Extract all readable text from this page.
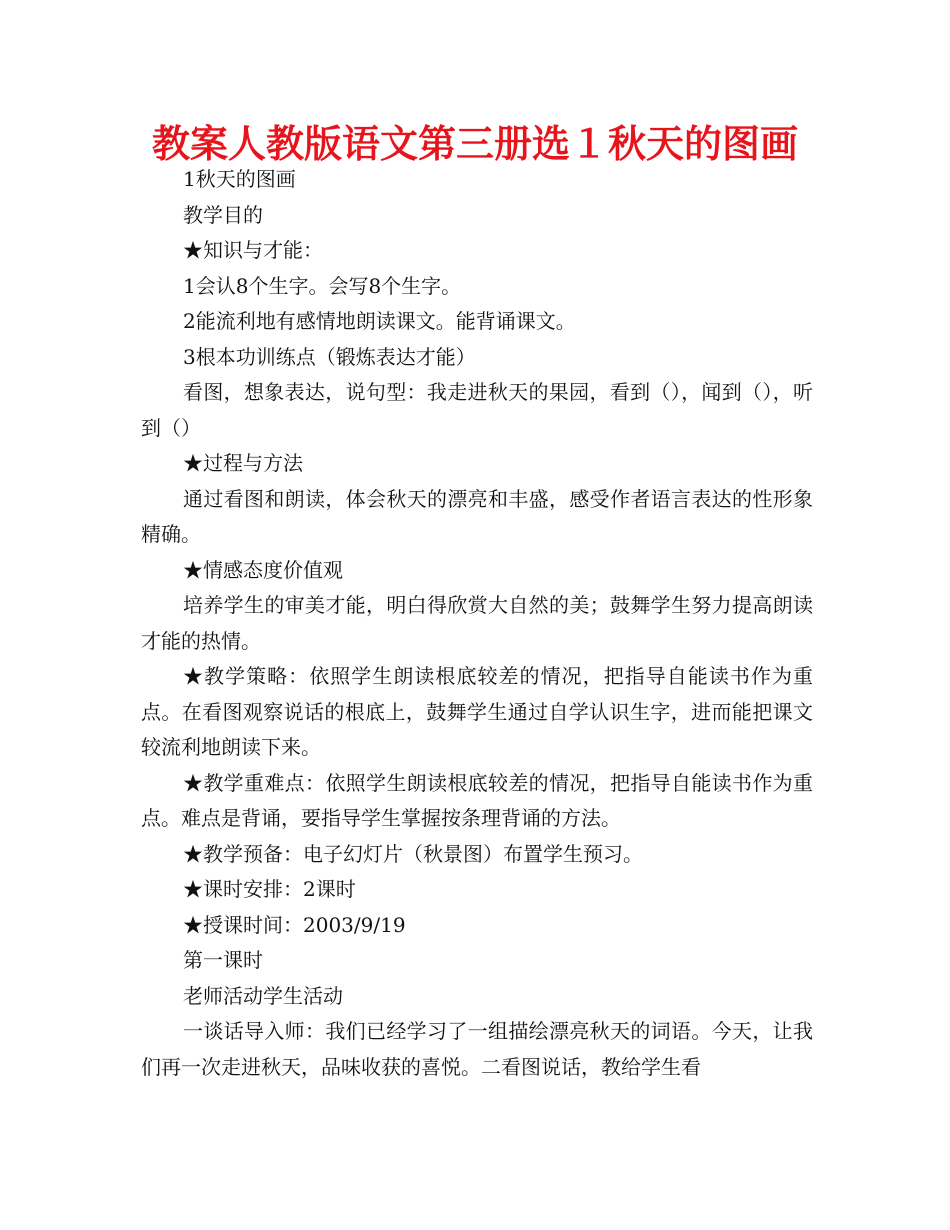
教案人教版语文第三册选１秋天的图画

1秋天的图画

教学目的

★知识与才能：

1会认8个生字。会写8个生字。

2能流利地有感情地朗读课文。能背诵课文。

3根本功训练点（锻炼表达才能）

看图，想象表达，说句型：我走进秋天的果园，看到（），闻到（），听到（）

★过程与方法

通过看图和朗读，体会秋天的漂亮和丰盛，感受作者语言表达的性形象精确。

★情感态度价值观

培养学生的审美才能，明白得欣赏大自然的美；鼓舞学生努力提高朗读才能的热情。

★教学策略：依照学生朗读根底较差的情况，把指导自能读书作为重点。在看图观察说话的根底上，鼓舞学生通过自学认识生字，进而能把课文较流利地朗读下来。

★教学重难点：依照学生朗读根底较差的情况，把指导自能读书作为重点。难点是背诵，要指导学生掌握按条理背诵的方法。

★教学预备：电子幻灯片（秋景图）布置学生预习。

★课时安排：2课时

★授课时间：2003/9/19

第一课时

老师活动学生活动

一谈话导入师：我们已经学习了一组描绘漂亮秋天的词语。今天，让我们再一次走进秋天，品味收获的喜悦。二看图说话，教给学生看
